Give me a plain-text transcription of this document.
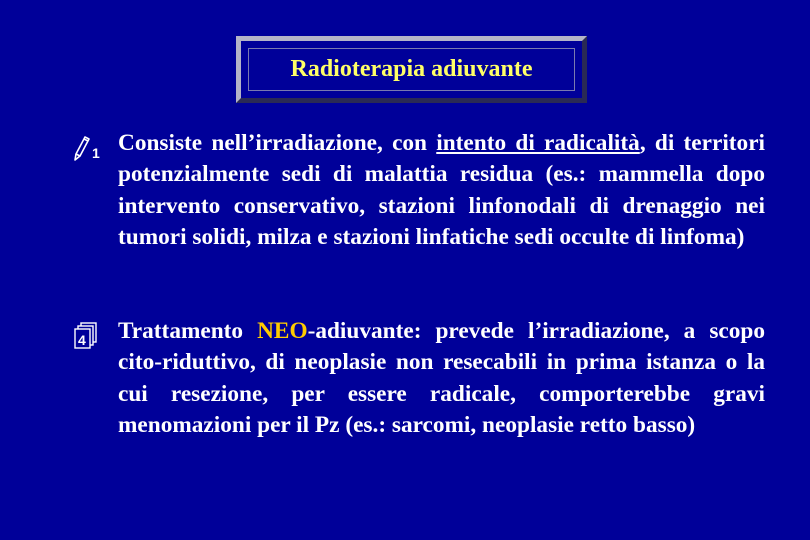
Radioterapia adiuvante
1 Consiste nell’irradiazione, con intento di radicalità, di territori potenzialmente sedi di malattia residua (es.: mammella dopo intervento conservativo, stazioni linfonodali di drenaggio nei tumori solidi, milza e stazioni linfatiche sedi occulte di linfoma)
4 Trattamento NEO-adiuvante: prevede l’irradiazione, a scopo cito-riduttivo, di neoplasie non resecabili in prima istanza o la cui resezione, per essere radicale, comporterebbe gravi menomazioni per il Pz (es.: sarcomi, neoplasie retto basso)
